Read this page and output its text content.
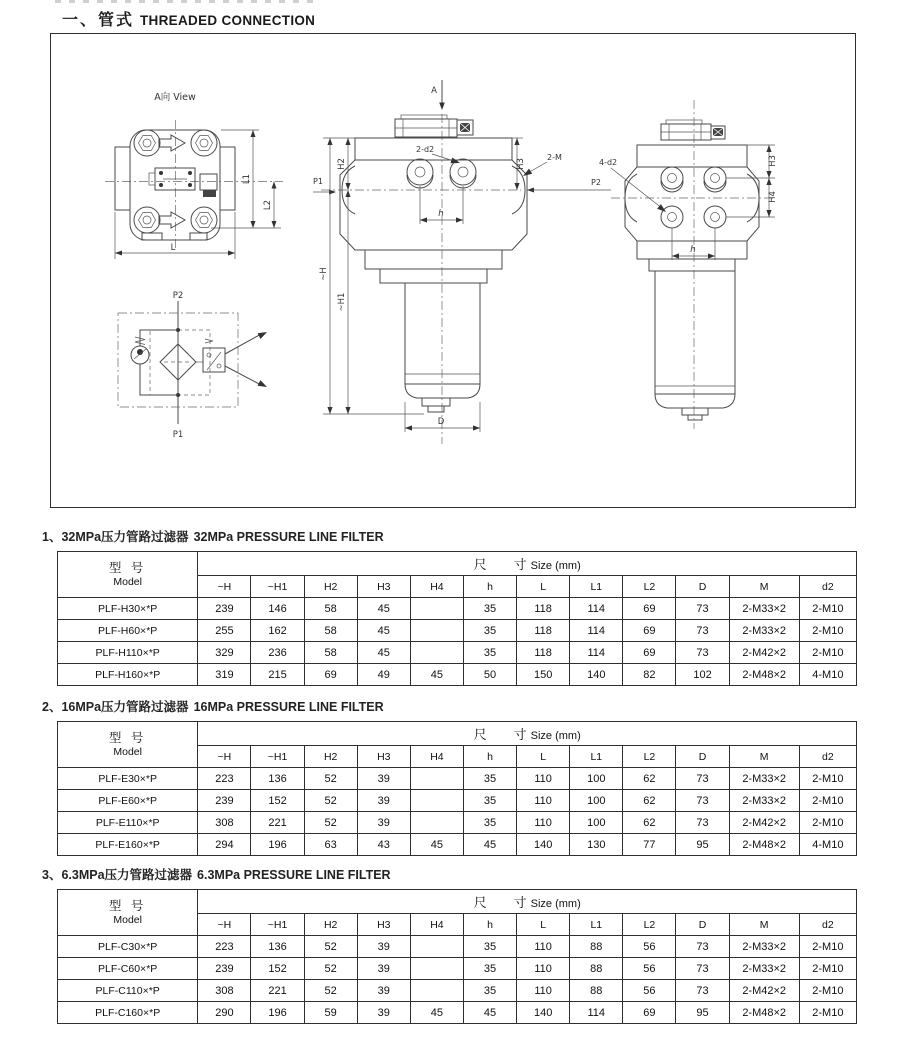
一、管式 THREADED CONNECTION
A向 View
L1
L2
L
P2
P1
A
2-d2
2-M
P2
P1
~H
H2
~H1
H3
h
D
4-d2	H3
H4
h
1、32MPa压力管路过滤器 32MPa PRESSURE LINE FILTER
型 号
Model	尺 寸 Size (mm)											
	~H	~H1	H2	H3	H4	h	L	L1	L2	D	M	d2
PLF-H30×*P	239	146	58	45		35	118	114	69	73	2-M33×2	2-M10
PLF-H60×*P	255	162	58	45		35	118	114	69	73	2-M33×2	2-M10
PLF-H110×*P	329	236	58	45		35	118	114	69	73	2-M42×2	2-M10
PLF-H160×*P	319	215	69	49	45	50	150	140	82	102	2-M48×2	4-M10
2、16MPa压力管路过滤器 16MPa PRESSURE LINE FILTER
型 号
Model	尺 寸 Size (mm)											
	~H	~H1	H2	H3	H4	h	L	L1	L2	D	M	d2
PLF-E30×*P	223	136	52	39		35	110	100	62	73	2-M33×2	2-M10
PLF-E60×*P	239	152	52	39		35	110	100	62	73	2-M33×2	2-M10
PLF-E110×*P	308	221	52	39		35	110	100	62	73	2-M42×2	2-M10
PLF-E160×*P	294	196	63	43	45	45	140	130	77	95	2-M48×2	4-M10
3、6.3MPa压力管路过滤器 6.3MPa PRESSURE LINE FILTER
型 号
Model	尺 寸 Size (mm)											
	~H	~H1	H2	H3	H4	h	L	L1	L2	D	M	d2
PLF-C30×*P	223	136	52	39		35	110	88	56	73	2-M33×2	2-M10
PLF-C60×*P	239	152	52	39		35	110	88	56	73	2-M33×2	2-M10
PLF-C110×*P	308	221	52	39		35	110	88	56	73	2-M42×2	2-M10
PLF-C160×*P	290	196	59	39	45	45	140	114	69	95	2-M48×2	2-M10
